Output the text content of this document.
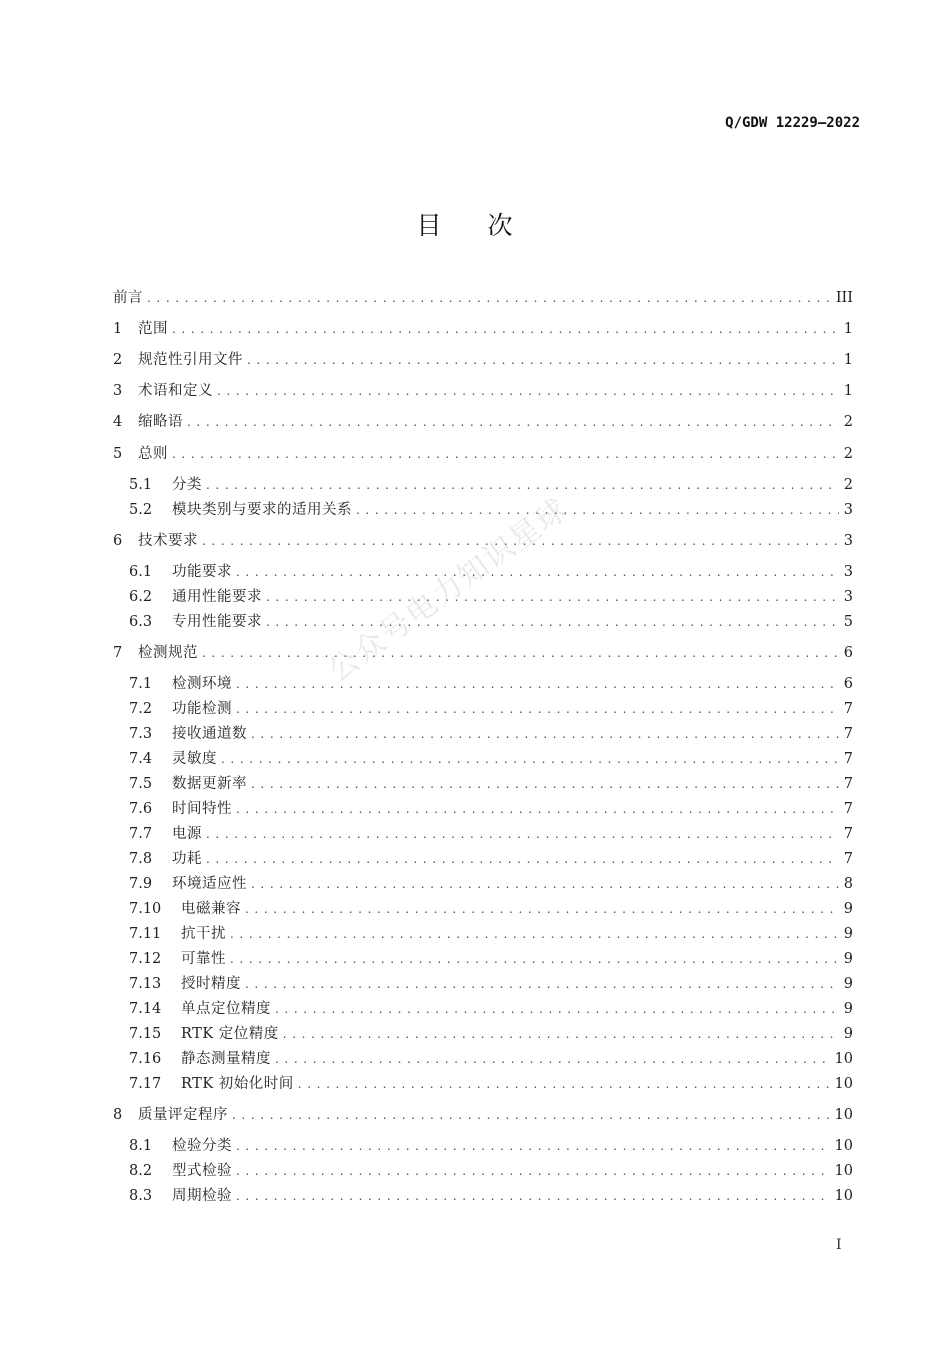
Q/GDW 12229—2022
目次
前言 . . .	III
1	范围 . . .	1
2	规范性引用文件 . . .	1
3	术语和定义 . . .	1
4	缩略语 . . .	2
5	总则 . . .	2
5.1	分类 . . .	2
5.2	模块类别与要求的适用关系 . . .	3
6	技术要求 . . .	3
6.1	功能要求 . . .	3
6.2	通用性能要求 . . .	3
6.3	专用性能要求 . . .	5
7	检测规范 . . .	6
7.1	检测环境 . . .	6
7.2	功能检测 . . .	7
7.3	接收通道数 . . .	7
7.4	灵敏度 . . .	7
7.5	数据更新率 . . .	7
7.6	时间特性 . . .	7
7.7	电源 . . .	7
7.8	功耗 . . .	7
7.9	环境适应性 . . .	8
7.10	电磁兼容 . . .	9
7.11	抗干扰 . . .	9
7.12	可靠性 . . .	9
7.13	授时精度 . . .	9
7.14	单点定位精度 . . .	9
7.15	RTK 定位精度 . . .	9
7.16	静态测量精度 . . .	10
7.17	RTK 初始化时间 . . .	10
8	质量评定程序 . . .	10
8.1	检验分类 . . .	10
8.2	型式检验 . . .	10
8.3	周期检验 . . .	10
公众号电力知识星球
I
